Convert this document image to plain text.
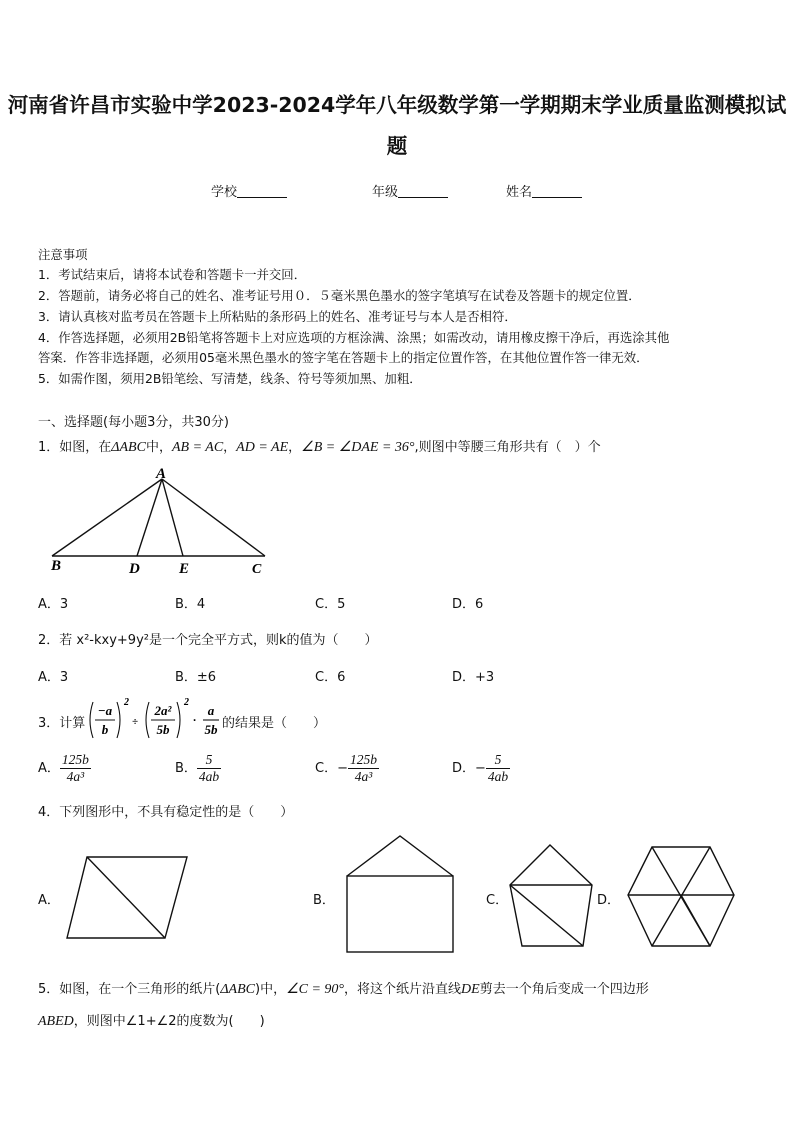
河南省许昌市实验中学2023-2024学年八年级数学第一学期期末学业质量监测模拟试
题
学校	年级	姓名
注意事项
1．考试结束后，请将本试卷和答题卡一并交回．
2．答题前，请务必将自己的姓名、准考证号用０．５毫米黑色墨水的签字笔填写在试卷及答题卡的规定位置．
3．请认真核对监考员在答题卡上所粘贴的条形码上的姓名、准考证号与本人是否相符．
4．作答选择题，必须用2B铅笔将答题卡上对应选项的方框涂满、涂黑；如需改动，请用橡皮擦干净后，再选涂其他
答案．作答非选择题，必须用05毫米黑色墨水的签字笔在答题卡上的指定位置作答，在其他位置作答一律无效．
5．如需作图，须用2B铅笔绘、写清楚，线条、符号等须加黑、加粗．
一、选择题(每小题3分，共30分)
1．如图，在ΔABC中，AB = AC，AD = AE，∠B = ∠DAE = 36°,则图中等腰三角形共有（　）个
A
B	D	E	C
A．3	B．4	C．5	D．6
2．若 x²-kxy+9y²是一个完全平方式，则k的值为（　　）
A．3	B．±6	C．6	D．+3
3．计算
−a
b
2
÷
2a²
5b
2
·
a
5b 的结果是（　　）
A． $\frac{125b}{\text{4a³}}$	B． $\frac{5}{4ab}$	C．− $\frac{125b}{\text{4a³}}$	D．− $\frac{5}{4ab}$
4．下列图形中，不具有稳定性的是（　　）
A．	B．	C．	D．
5．如图，在一个三角形的纸片(ΔABC)中，∠C = 90°，将这个纸片沿直线DE剪去一个角后变成一个四边形
ABED，则图中∠1+∠2的度数为(　　)
